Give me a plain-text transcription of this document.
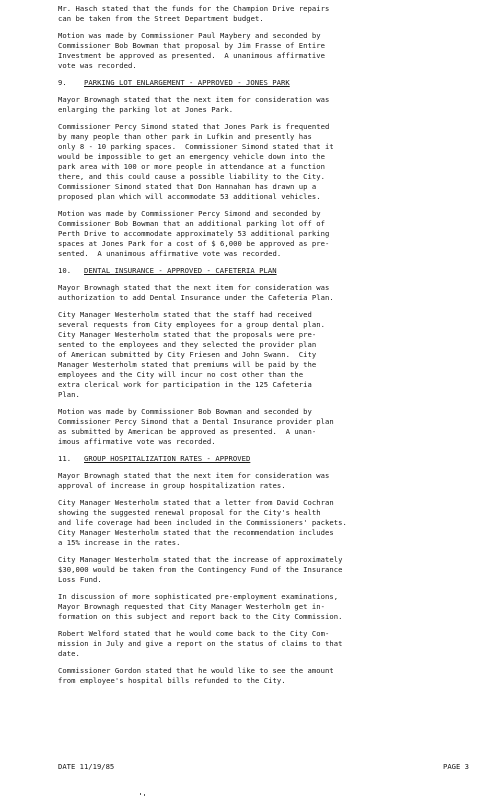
Mr. Hasch stated that the funds for the Champion Drive repairs
can be taken from the Street Department budget.

Motion was made by Commissioner Paul Maybery and seconded by
Commissioner Bob Bowman that proposal by Jim Frasse of Entire
Investment be approved as presented.  A unanimous affirmative
vote was recorded.

9. PARKING LOT ENLARGEMENT - APPROVED - JONES PARK

Mayor Brownagh stated that the next item for consideration was
enlarging the parking lot at Jones Park.

Commissioner Percy Simond stated that Jones Park is frequented
by many people than other park in Lufkin and presently has
only 8 - 10 parking spaces.  Commissioner Simond stated that it
would be impossible to get an emergency vehicle down into the
park area with 100 or more people in attendance at a function
there, and this could cause a possible liability to the City.
Commissioner Simond stated that Don Hannahan has drawn up a
proposed plan which will accommodate 53 additional vehicles.

Motion was made by Commissioner Percy Simond and seconded by
Commissioner Bob Bowman that an additional parking lot off of
Perth Drive to accommodate approximately 53 additional parking
spaces at Jones Park for a cost of $ 6,000 be approved as pre-
sented.  A unanimous affirmative vote was recorded.

10. DENTAL INSURANCE - APPROVED - CAFETERIA PLAN

Mayor Brownagh stated that the next item for consideration was
authorization to add Dental Insurance under the Cafeteria Plan.

City Manager Westerholm stated that the staff had received
several requests from City employees for a group dental plan.
City Manager Westerholm stated that the proposals were pre-
sented to the employees and they selected the provider plan
of American submitted by City Friesen and John Swann.  City
Manager Westerholm stated that premiums will be paid by the
employees and the City will incur no cost other than the
extra clerical work for participation in the 125 Cafeteria
Plan.

Motion was made by Commissioner Bob Bowman and seconded by
Commissioner Percy Simond that a Dental Insurance provider plan
as submitted by American be approved as presented.  A unan-
imous affirmative vote was recorded.

11. GROUP HOSPITALIZATION RATES - APPROVED

Mayor Brownagh stated that the next item for consideration was
approval of increase in group hospitalization rates.

City Manager Westerholm stated that a letter from David Cochran
showing the suggested renewal proposal for the City's health
and life coverage had been included in the Commissioners' packets.
City Manager Westerholm stated that the recommendation includes
a 15% increase in the rates.

City Manager Westerholm stated that the increase of approximately
$30,000 would be taken from the Contingency Fund of the Insurance
Loss Fund.

In discussion of more sophisticated pre-employment examinations,
Mayor Brownagh requested that City Manager Westerholm get in-
formation on this subject and report back to the City Commission.

Robert Welford stated that he would come back to the City Com-
mission in July and give a report on the status of claims to that
date.

Commissioner Gordon stated that he would like to see the amount
from employee's hospital bills refunded to the City.

DATE 11/19/85	PAGE 3
